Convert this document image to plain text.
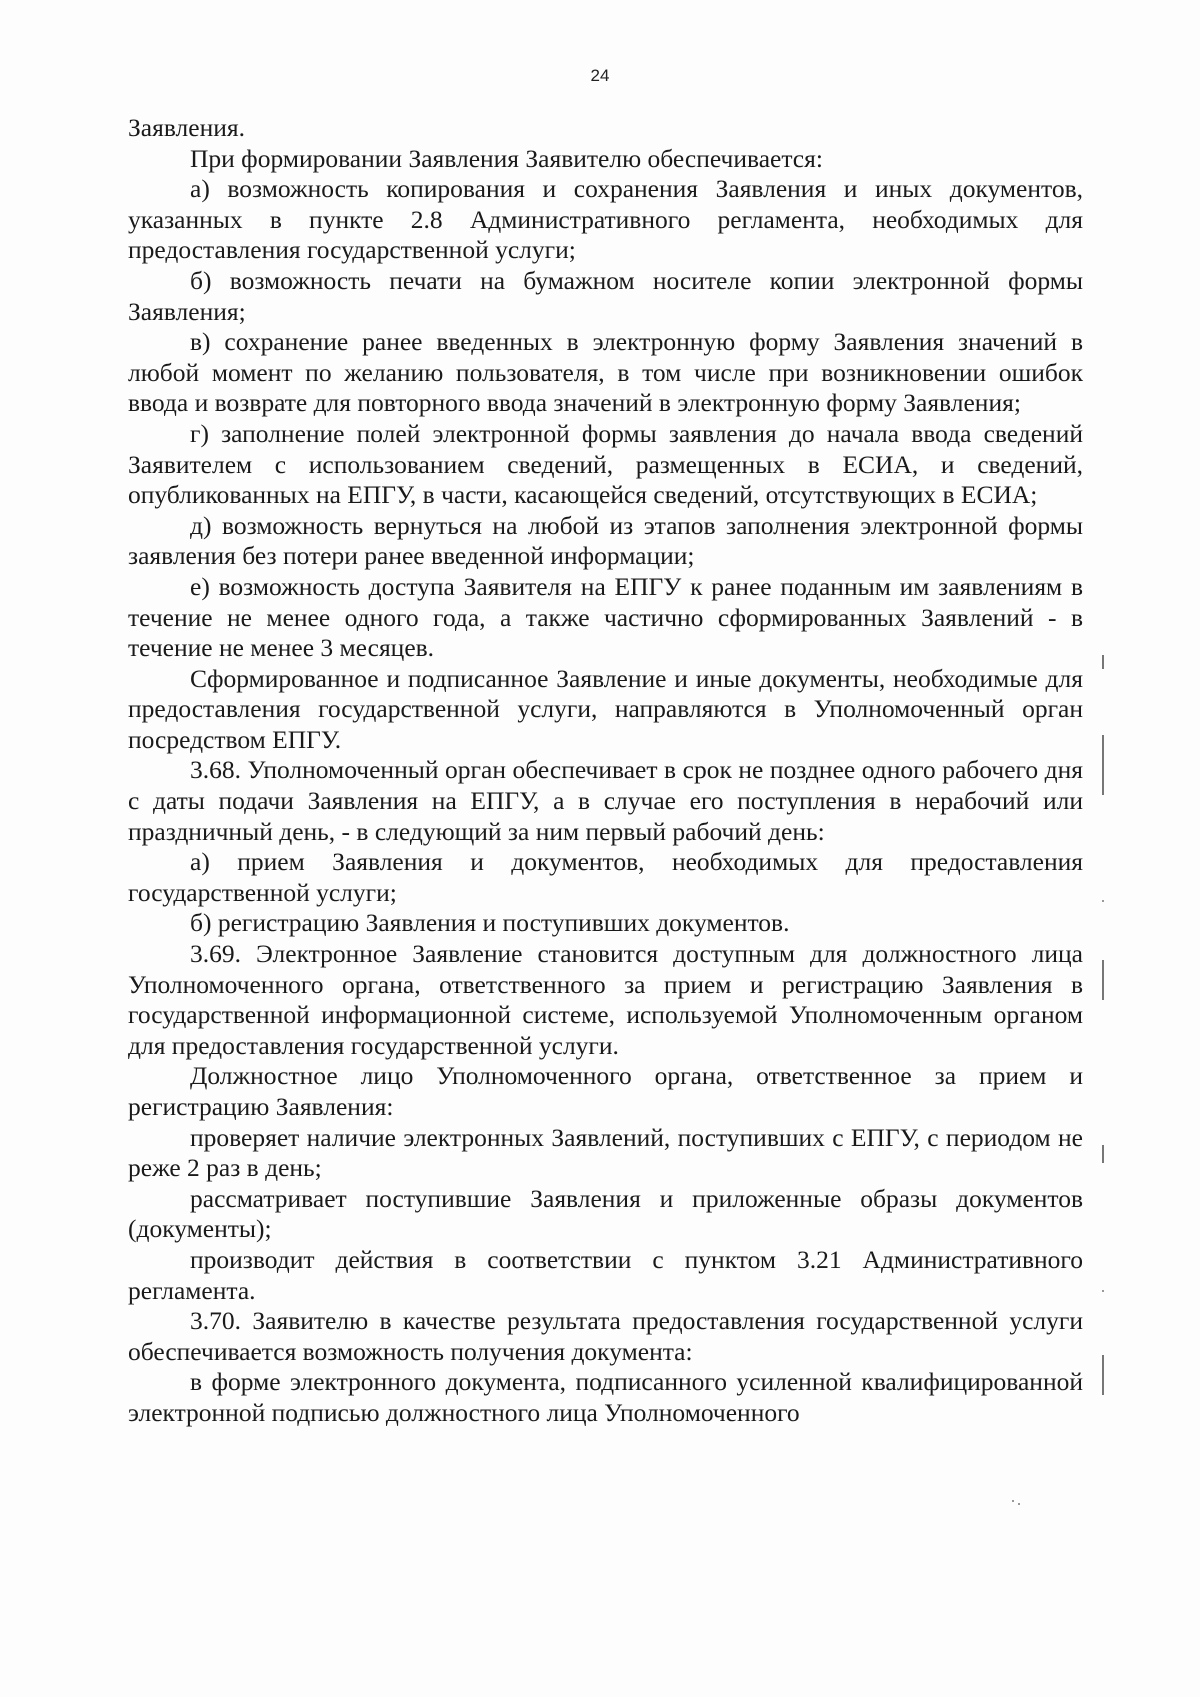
24

Заявления.

При формировании Заявления Заявителю обеспечивается:

а) возможность копирования и сохранения Заявления и иных документов, указанных в пункте 2.8 Административного регламента, необходимых для предоставления государственной услуги;

б) возможность печати на бумажном носителе копии электронной формы Заявления;

в) сохранение ранее введенных в электронную форму Заявления значений в любой момент по желанию пользователя, в том числе при возникновении ошибок ввода и возврате для повторного ввода значений в электронную форму Заявления;

г) заполнение полей электронной формы заявления до начала ввода сведений Заявителем с использованием сведений, размещенных в ЕСИА, и сведений, опубликованных на ЕПГУ, в части, касающейся сведений, отсутствующих в ЕСИА;

д) возможность вернуться на любой из этапов заполнения электронной формы заявления без потери ранее введенной информации;

е) возможность доступа Заявителя на ЕПГУ к ранее поданным им заявлениям в течение не менее одного года, а также частично сформированных Заявлений - в течение не менее 3 месяцев.

Сформированное и подписанное Заявление и иные документы, необходимые для предоставления государственной услуги, направляются в Уполномоченный орган посредством ЕПГУ.

3.68. Уполномоченный орган обеспечивает в срок не позднее одного рабочего дня с даты подачи Заявления на ЕПГУ, а в случае его поступления в нерабочий или праздничный день, - в следующий за ним первый рабочий день:

а) прием Заявления и документов, необходимых для предоставления государственной услуги;

б) регистрацию Заявления и поступивших документов.

3.69. Электронное Заявление становится доступным для должностного лица Уполномоченного органа, ответственного за прием и регистрацию Заявления в государственной информационной системе, используемой Уполномоченным органом для предоставления государственной услуги.

Должностное лицо Уполномоченного органа, ответственное за прием и регистрацию Заявления:

проверяет наличие электронных Заявлений, поступивших с ЕПГУ, с периодом не реже 2 раз в день;

рассматривает поступившие Заявления и приложенные образы документов (документы);

производит действия в соответствии с пунктом 3.21 Административного регламента.

3.70. Заявителю в качестве результата предоставления государственной услуги обеспечивается возможность получения документа:

в форме электронного документа, подписанного усиленной квалифицированной электронной подписью должностного лица Уполномоченного
